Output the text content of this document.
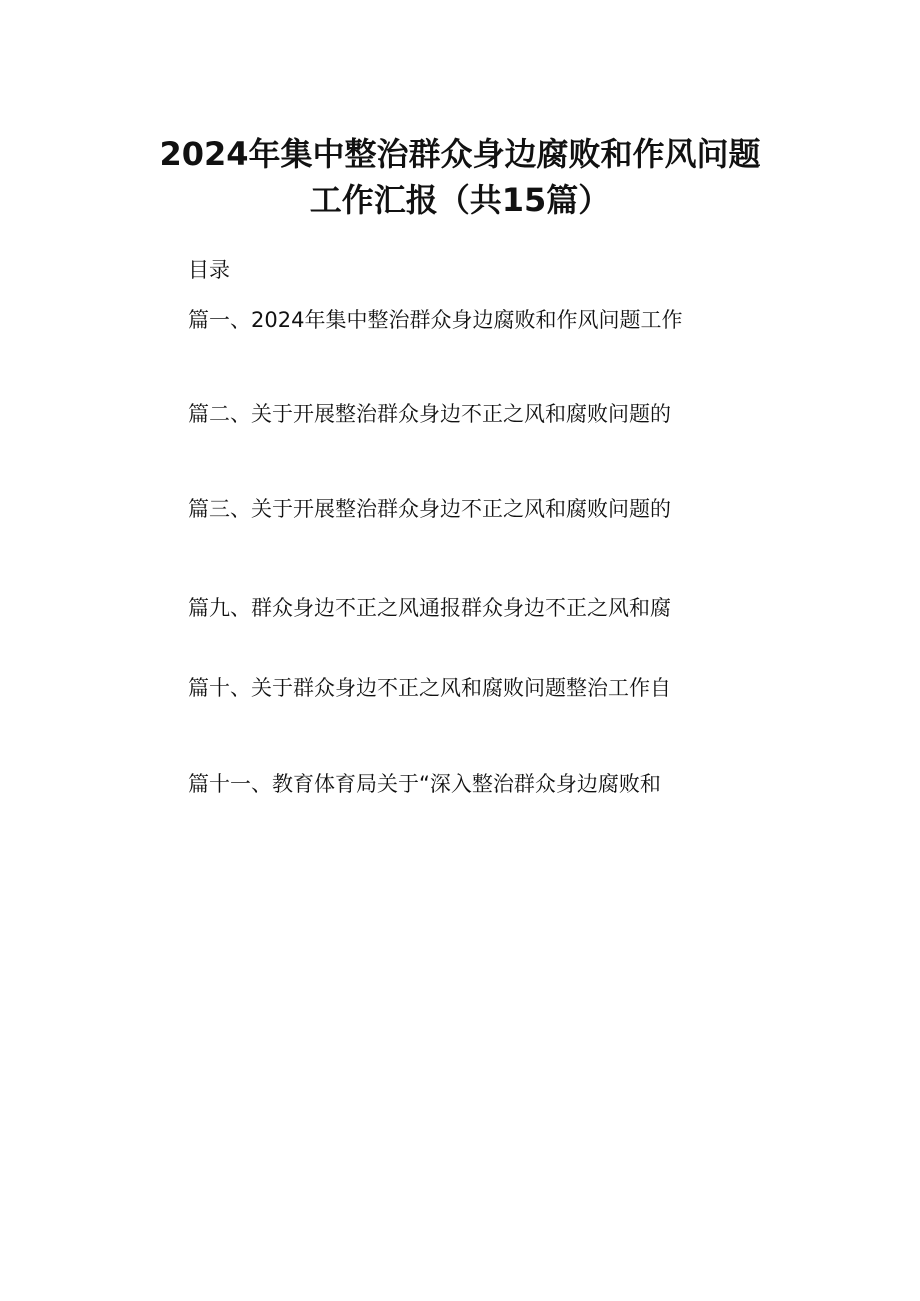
2024年集中整治群众身边腐败和作风问题
工作汇报（共15篇）
目录
篇一、2024年集中整治群众身边腐败和作风问题工作
篇二、关于开展整治群众身边不正之风和腐败问题的
篇三、关于开展整治群众身边不正之风和腐败问题的
篇九、群众身边不正之风通报群众身边不正之风和腐
篇十、关于群众身边不正之风和腐败问题整治工作自
篇十一、教育体育局关于“深入整治群众身边腐败和
